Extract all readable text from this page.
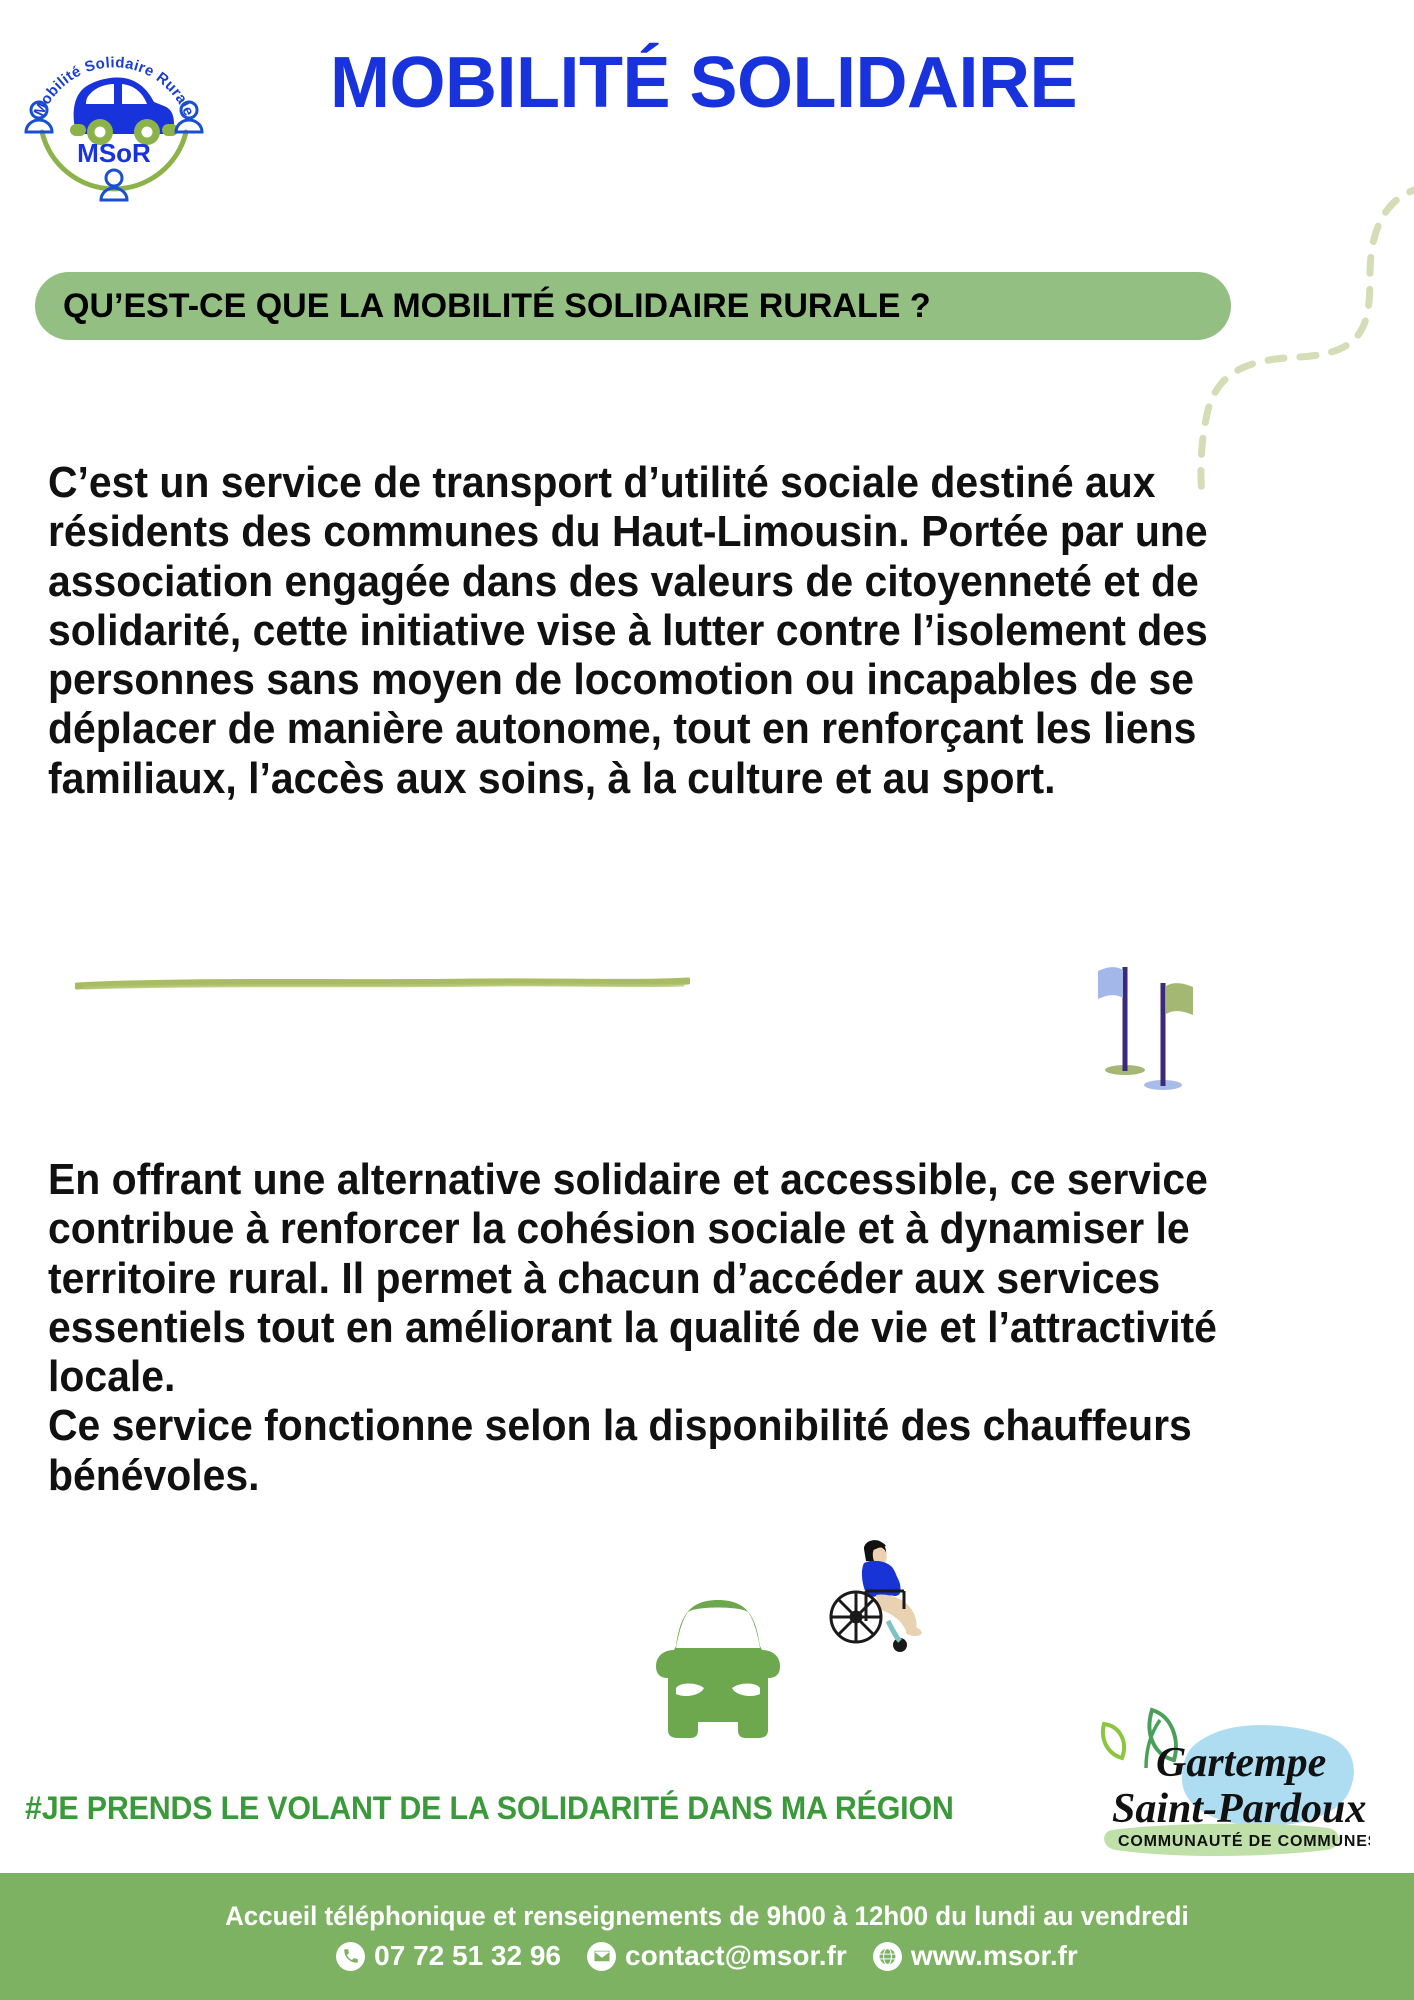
Mobilité Solidaire Rurale
MSoR
MOBILITÉ SOLIDAIRE
QU’EST-CE QUE LA MOBILITÉ SOLIDAIRE RURALE ?
C’est un service de transport d’utilité sociale destiné aux résidents des communes du Haut-Limousin. Portée par une association engagée dans des valeurs de citoyenneté et de solidarité, cette initiative vise à lutter contre l’isolement des personnes sans moyen de locomotion ou incapables de se déplacer de manière autonome, tout en renforçant les liens familiaux, l’accès aux soins, à la culture et au sport.
En offrant une alternative solidaire et accessible, ce service contribue à renforcer la cohésion sociale et à dynamiser le territoire rural. Il permet à chacun d’accéder aux services essentiels tout en améliorant la qualité de vie et l’attractivité locale.
Ce service fonctionne selon la disponibilité des chauffeurs bénévoles.
#JE PRENDS LE VOLANT DE LA SOLIDARITÉ DANS MA RÉGION
Gartempe
Saint-Pardoux
COMMUNAUTÉ DE COMMUNES
Accueil téléphonique et renseignements de 9h00 à 12h00 du lundi au vendredi
07 72 51 32 96 contact@msor.fr www.msor.fr
